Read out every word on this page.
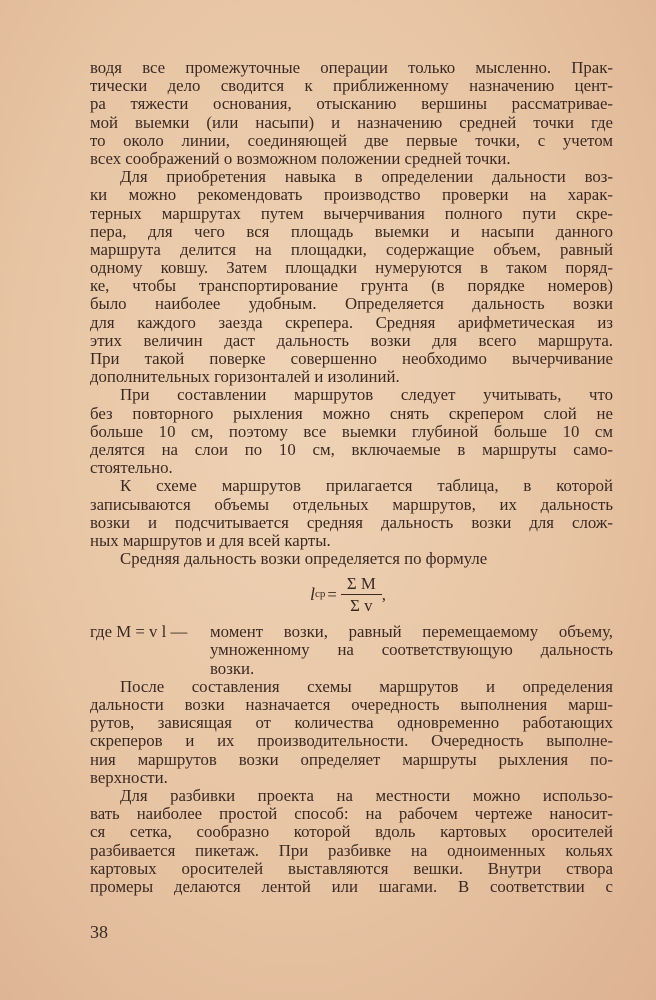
водя все промежуточные операции только мысленно. Прак-
тически дело сводится к приближенному назначению цент-
ра тяжести основания, отысканию вершины рассматривае-
мой выемки (или насыпи) и назначению средней точки где
то около линии, соединяющей две первые точки, с учетом
всех соображений о возможном положении средней точки.
Для приобретения навыка в определении дальности воз-
ки можно рекомендовать производство проверки на харак-
терных маршрутах путем вычерчивания полного пути скре-
пера, для чего вся площадь выемки и насыпи данного
маршрута делится на площадки, содержащие объем, равный
одному ковшу. Затем площадки нумеруются в таком поряд-
ке, чтобы транспортирование грунта (в порядке номеров)
было наиболее удобным. Определяется дальность возки
для каждого заезда скрепера. Средняя арифметическая из
этих величин даст дальность возки для всего маршрута.
При такой поверке совершенно необходимо вычерчивание
дополнительных горизонталей и изолиний.
При составлении маршрутов следует учитывать, что
без повторного рыхления можно снять скрепером слой не
больше 10 см, поэтому все выемки глубиной больше 10 см
делятся на слои по 10 см, включаемые в маршруты само-
стоятельно.
К схеме маршрутов прилагается таблица, в которой
записываются объемы отдельных маршрутов, их дальность
возки и подсчитывается средняя дальность возки для слож-
ных маршрутов и для всей карты.
Средняя дальность возки определяется по формуле
l ср = $\frac{\text{Σ M}}{\text{Σ v}}$ ,
где M = v l — момент возки, равный перемещаемому объему,
умноженному на соответствующую дальность
возки.
После составления схемы маршрутов и определения
дальности возки назначается очередность выполнения марш-
рутов, зависящая от количества одновременно работающих
скреперов и их производительности. Очередность выполне-
ния маршрутов возки определяет маршруты рыхления по-
верхности.
Для разбивки проекта на местности можно использо-
вать наиболее простой способ: на рабочем чертеже наносит-
ся сетка, сообразно которой вдоль картовых оросителей
разбивается пикетаж. При разбивке на одноименных кольях
картовых оросителей выставляются вешки. Внутри створа
промеры делаются лентой или шагами. В соответствии с
38
